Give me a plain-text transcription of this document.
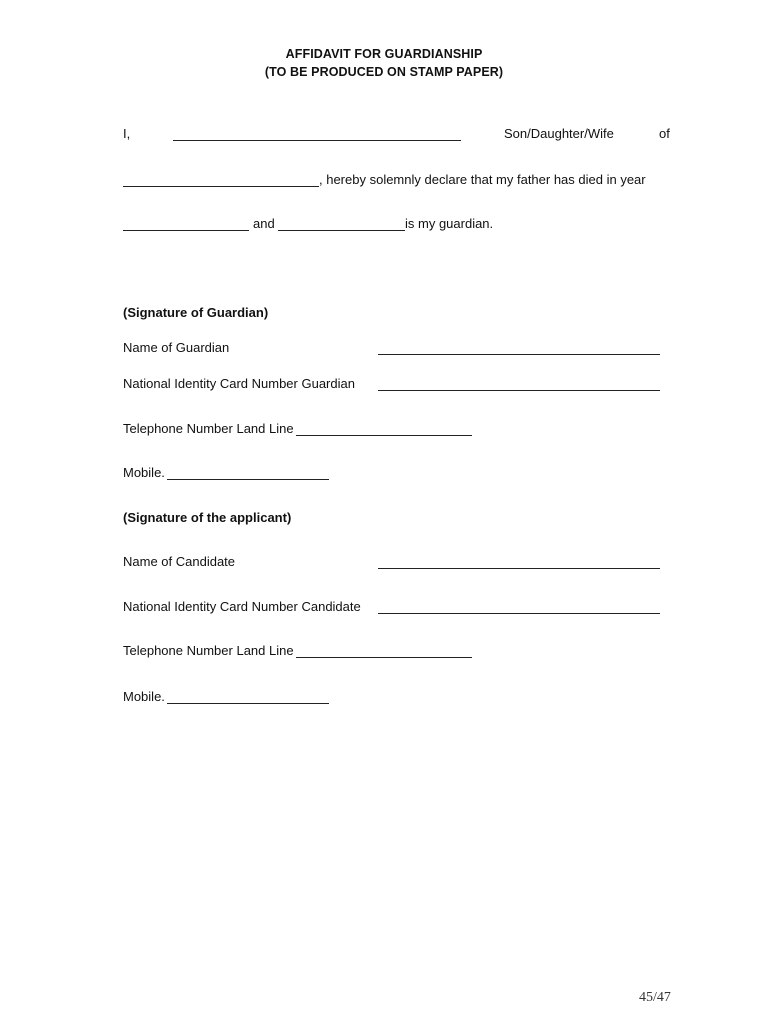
AFFIDAVIT FOR GUARDIANSHIP
(TO BE PRODUCED ON STAMP PAPER)
I,	Son/Daughter/Wife	of
, hereby solemnly declare that my father has died in year
and	is my guardian.
(Signature of Guardian)
Name of Guardian
National Identity Card Number Guardian
Telephone Number Land Line
Mobile.
(Signature of the applicant)
Name of Candidate
National Identity Card Number Candidate
Telephone Number Land Line
Mobile.
45/47
